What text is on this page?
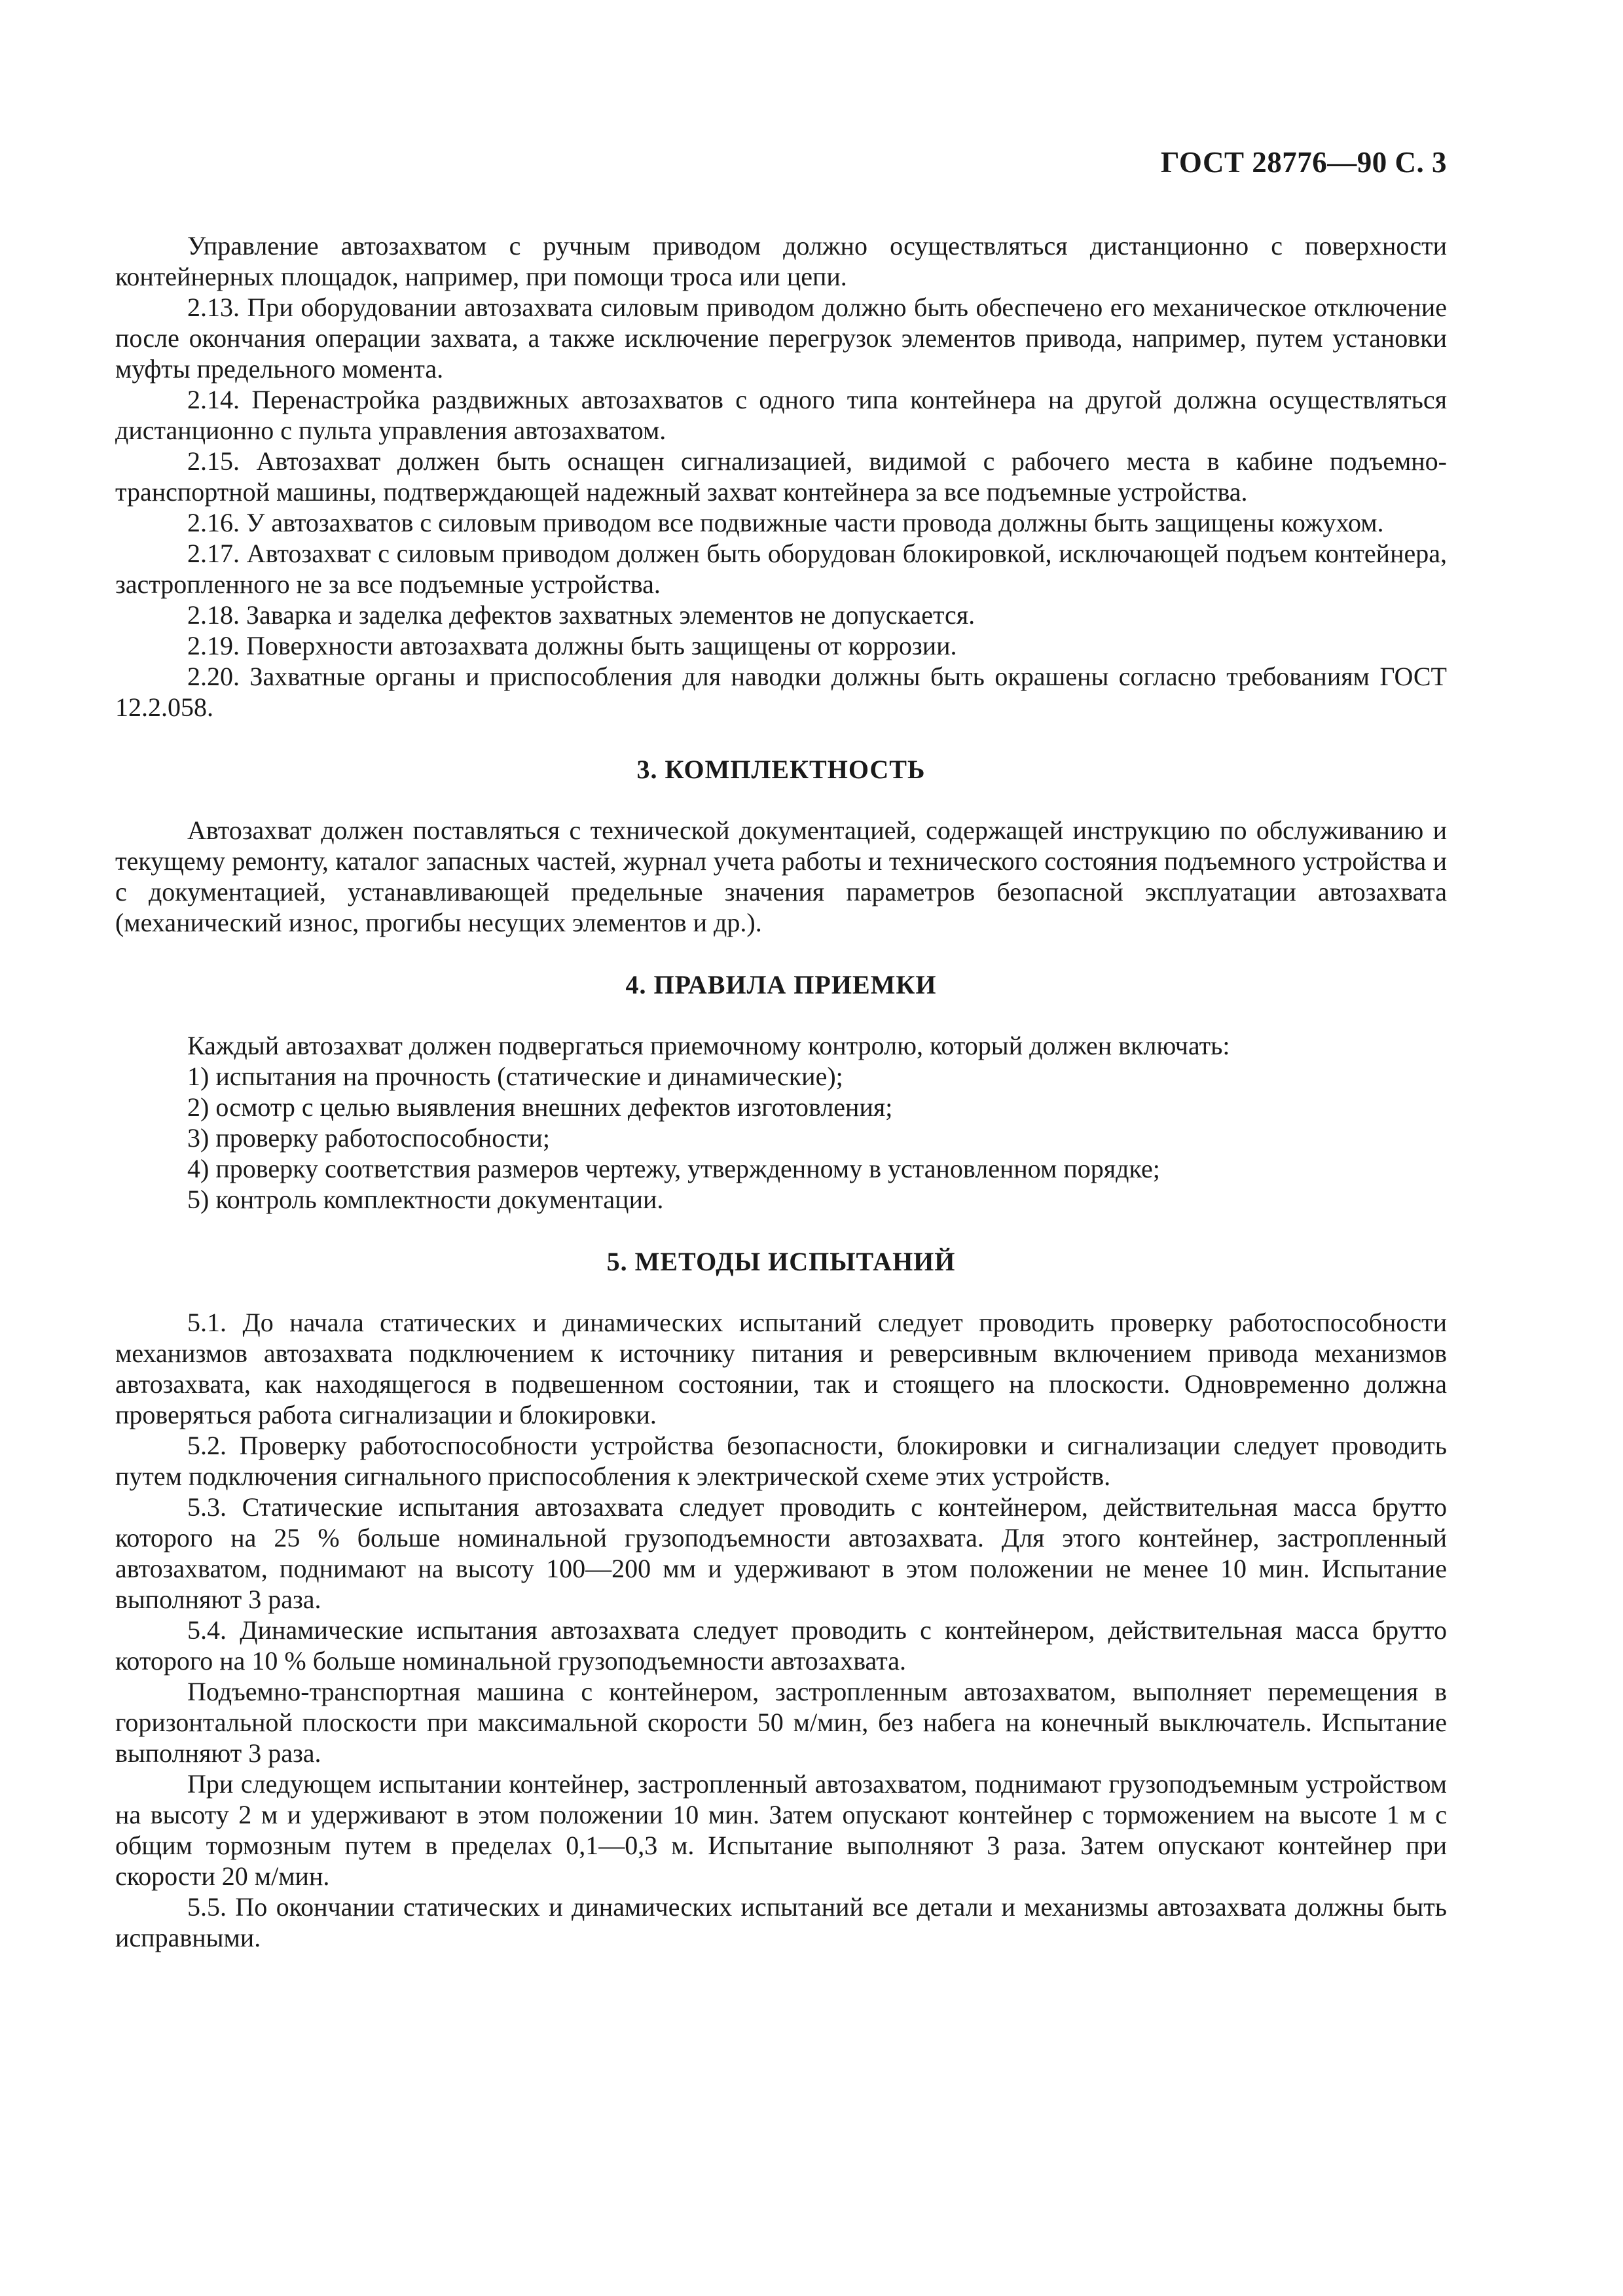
ГОСТ 28776—90 С. 3

Управление автозахватом с ручным приводом должно осуществляться дистанционно с поверхности контейнерных площадок, например, при помощи троса или цепи.

2.13. При оборудовании автозахвата силовым приводом должно быть обеспечено его механическое отключение после окончания операции захвата, а также исключение перегрузок элементов привода, например, путем установки муфты предельного момента.

2.14. Перенастройка раздвижных автозахватов с одного типа контейнера на другой должна осуществляться дистанционно с пульта управления автозахватом.

2.15. Автозахват должен быть оснащен сигнализацией, видимой с рабочего места в кабине подъемно-транспортной машины, подтверждающей надежный захват контейнера за все подъемные устройства.

2.16. У автозахватов с силовым приводом все подвижные части провода должны быть защищены кожухом.

2.17. Автозахват с силовым приводом должен быть оборудован блокировкой, исключающей подъем контейнера, застропленного не за все подъемные устройства.

2.18. Заварка и заделка дефектов захватных элементов не допускается.

2.19. Поверхности автозахвата должны быть защищены от коррозии.

2.20. Захватные органы и приспособления для наводки должны быть окрашены согласно требованиям ГОСТ 12.2.058.

3. КОМПЛЕКТНОСТЬ

Автозахват должен поставляться с технической документацией, содержащей инструкцию по обслуживанию и текущему ремонту, каталог запасных частей, журнал учета работы и технического состояния подъемного устройства и с документацией, устанавливающей предельные значения параметров безопасной эксплуатации автозахвата (механический износ, прогибы несущих элементов и др.).

4. ПРАВИЛА ПРИЕМКИ

Каждый автозахват должен подвергаться приемочному контролю, который должен включать:

1) испытания на прочность (статические и динамические);

2) осмотр с целью выявления внешних дефектов изготовления;

3) проверку работоспособности;

4) проверку соответствия размеров чертежу, утвержденному в установленном порядке;

5) контроль комплектности документации.

5. МЕТОДЫ ИСПЫТАНИЙ

5.1. До начала статических и динамических испытаний следует проводить проверку работоспособности механизмов автозахвата подключением к источнику питания и реверсивным включением привода механизмов автозахвата, как находящегося в подвешенном состоянии, так и стоящего на плоскости. Одновременно должна проверяться работа сигнализации и блокировки.

5.2. Проверку работоспособности устройства безопасности, блокировки и сигнализации следует проводить путем подключения сигнального приспособления к электрической схеме этих устройств.

5.3. Статические испытания автозахвата следует проводить с контейнером, действительная масса брутто которого на 25 % больше номинальной грузоподъемности автозахвата. Для этого контейнер, застропленный автозахватом, поднимают на высоту 100—200 мм и удерживают в этом положении не менее 10 мин. Испытание выполняют 3 раза.

5.4. Динамические испытания автозахвата следует проводить с контейнером, действительная масса брутто которого на 10 % больше номинальной грузоподъемности автозахвата.

Подъемно-транспортная машина с контейнером, застропленным автозахватом, выполняет перемещения в горизонтальной плоскости при максимальной скорости 50 м/мин, без набега на конечный выключатель. Испытание выполняют 3 раза.

При следующем испытании контейнер, застропленный автозахватом, поднимают грузоподъемным устройством на высоту 2 м и удерживают в этом положении 10 мин. Затем опускают контейнер с торможением на высоте 1 м с общим тормозным путем в пределах 0,1—0,3 м. Испытание выполняют 3 раза. Затем опускают контейнер при скорости 20 м/мин.

5.5. По окончании статических и динамических испытаний все детали и механизмы автозахвата должны быть исправными.
